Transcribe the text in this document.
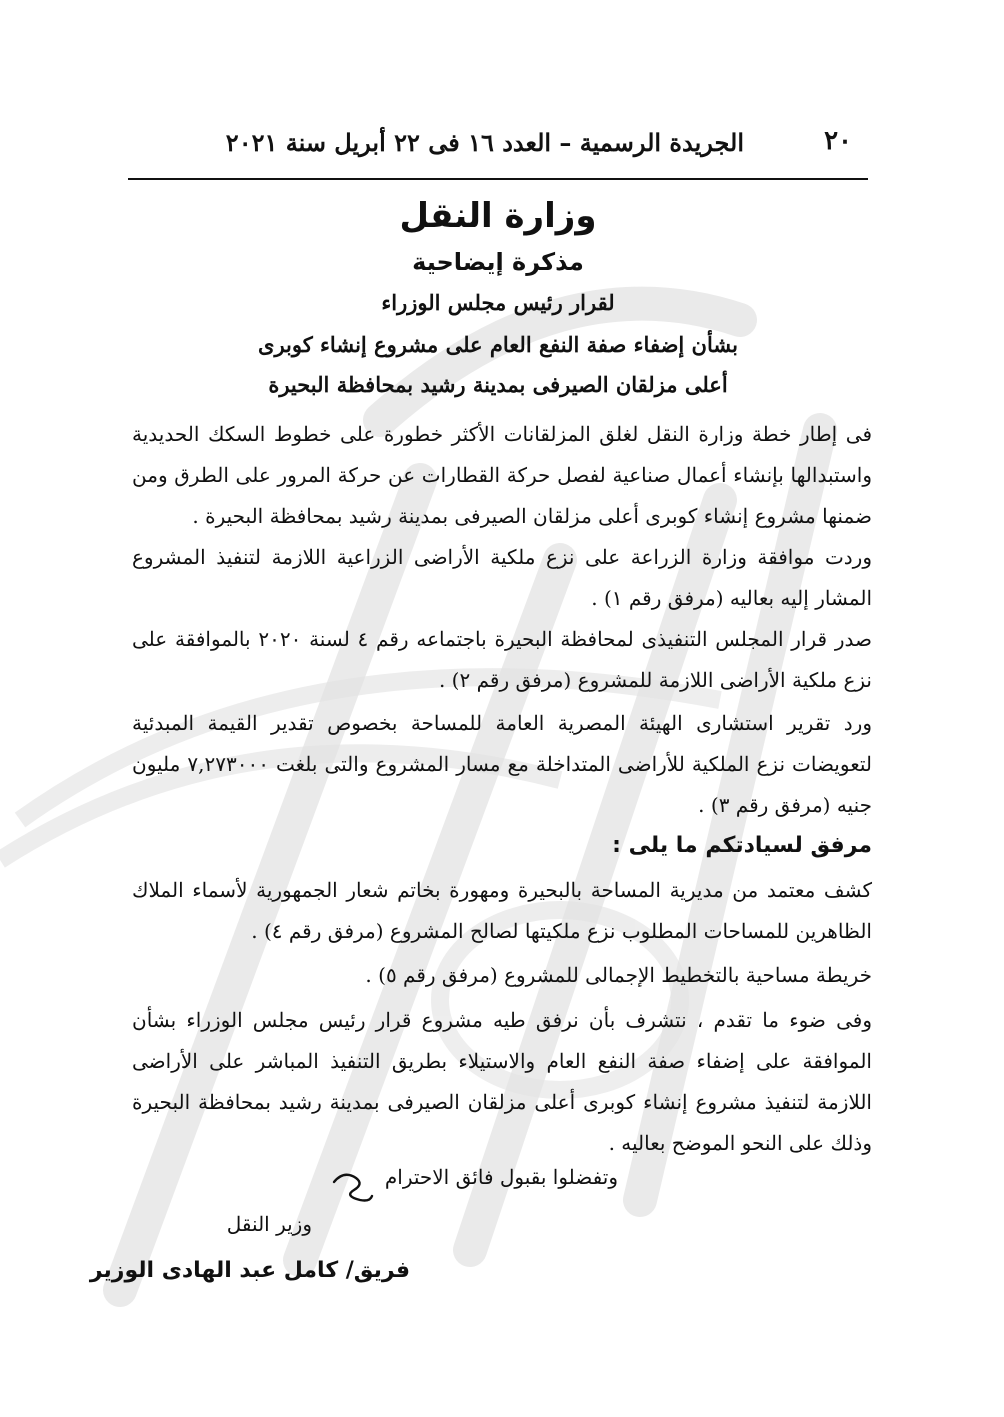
٢٠
الجريدة الرسمية – العدد ١٦ فى ٢٢ أبريل سنة ٢٠٢١
وزارة النقل
مذكرة إيضاحية
لقرار رئيس مجلس الوزراء
بشأن إضفاء صفة النفع العام على مشروع إنشاء كوبرى
أعلى مزلقان الصيرفى بمدينة رشيد بمحافظة البحيرة

فى إطار خطة وزارة النقل لغلق المزلقانات الأكثر خطورة على خطوط السكك الحديدية واستبدالها بإنشاء أعمال صناعية لفصل حركة القطارات عن حركة المرور على الطرق ومن ضمنها مشروع إنشاء كوبرى أعلى مزلقان الصيرفى بمدينة رشيد بمحافظة البحيرة .

وردت موافقة وزارة الزراعة على نزع ملكية الأراضى الزراعية اللازمة لتنفيذ المشروع المشار إليه بعاليه (مرفق رقم ١) .

صدر قرار المجلس التنفيذى لمحافظة البحيرة باجتماعه رقم ٤ لسنة ٢٠٢٠ بالموافقة على نزع ملكية الأراضى اللازمة للمشروع (مرفق رقم ٢) .

ورد تقرير استشارى الهيئة المصرية العامة للمساحة بخصوص تقدير القيمة المبدئية لتعويضات نزع الملكية للأراضى المتداخلة مع مسار المشروع والتى بلغت ٧,٢٧٣٠٠٠ مليون جنيه (مرفق رقم ٣) .

مرفق لسيادتكم ما يلى :

كشف معتمد من مديرية المساحة بالبحيرة ومهورة بخاتم شعار الجمهورية لأسماء الملاك الظاهرين للمساحات المطلوب نزع ملكيتها لصالح المشروع (مرفق رقم ٤) .

خريطة مساحية بالتخطيط الإجمالى للمشروع (مرفق رقم ٥) .

وفى ضوء ما تقدم ، نتشرف بأن نرفق طيه مشروع قرار رئيس مجلس الوزراء بشأن الموافقة على إضفاء صفة النفع العام والاستيلاء بطريق التنفيذ المباشر على الأراضى اللازمة لتنفيذ مشروع إنشاء كوبرى أعلى مزلقان الصيرفى بمدينة رشيد بمحافظة البحيرة وذلك على النحو الموضح بعاليه .

وتفضلوا بقبول فائق الاحترام
وزير النقل
فريق/ كامل عبد الهادى الوزير
